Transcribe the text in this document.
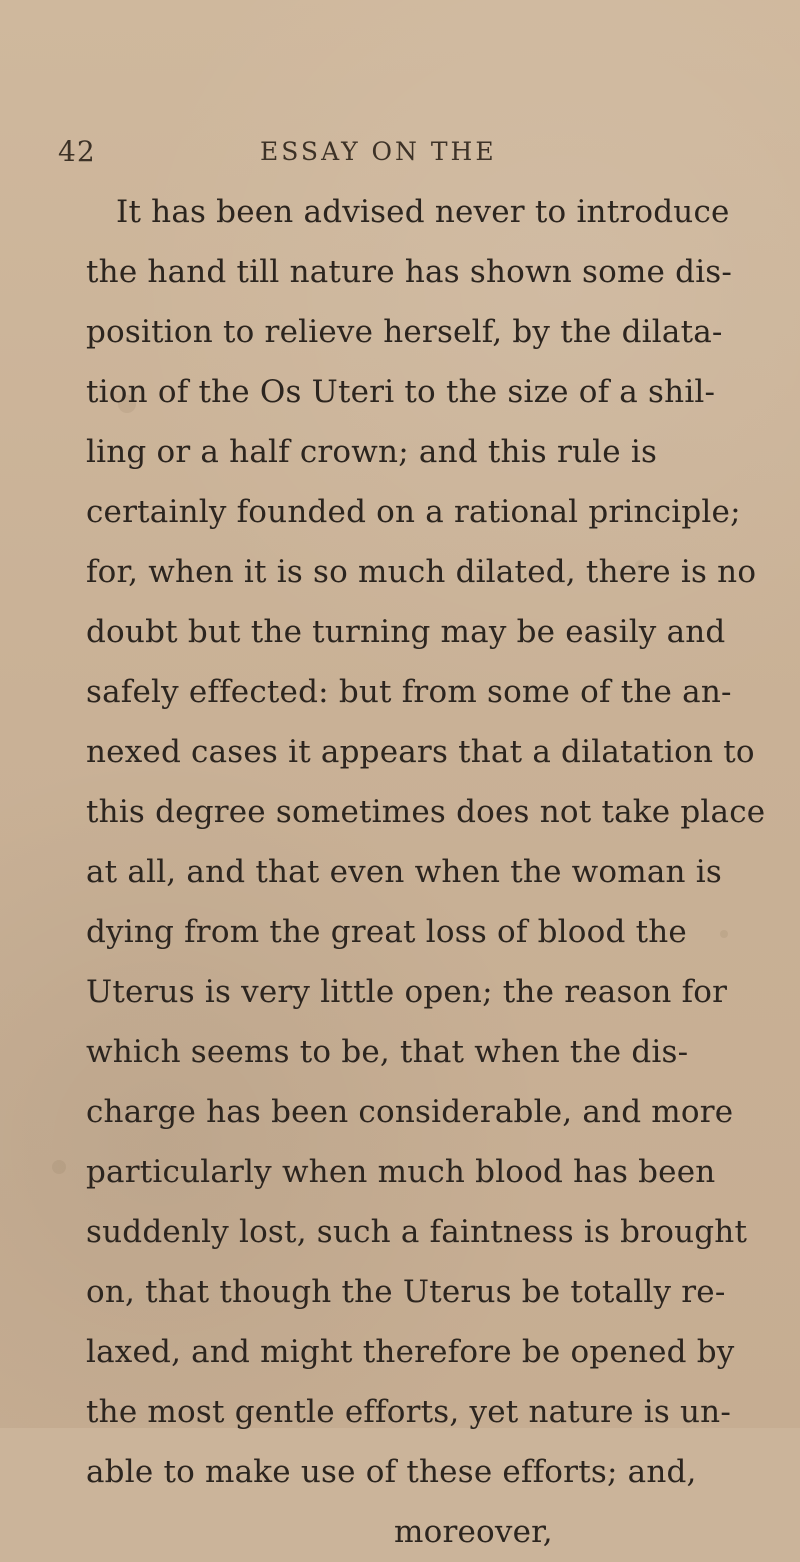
42	ESSAY ON THE
It has been advised never to introduce
the hand till nature has shown some dis-
position to relieve herself, by the dilata-
tion of the Os Uteri to the size of a shil-
ling or a half crown; and this rule is
certainly founded on a rational principle;
for, when it is so much dilated, there is no
doubt but the turning may be easily and
safely effected: but from some of the an-
nexed cases it appears that a dilatation to
this degree sometimes does not take place
at all, and that even when the woman is
dying from the great loss of blood the
Uterus is very little open; the reason for
which seems to be, that when the dis-
charge has been considerable, and more
particularly when much blood has been
suddenly lost, such a faintness is brought
on, that though the Uterus be totally re-
laxed, and might therefore be opened by
the most gentle efforts, yet nature is un-
able to make use of these efforts; and,
moreover,
